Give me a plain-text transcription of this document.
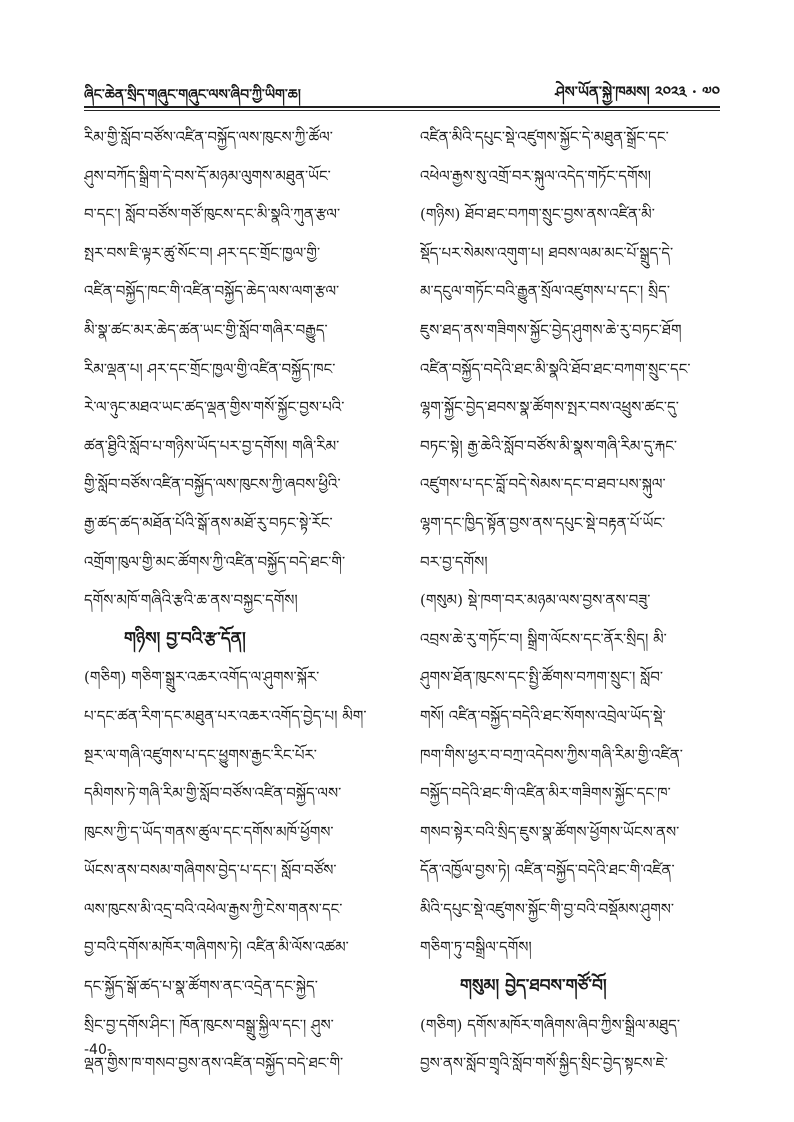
ཞིང་ཆེན་སྲིད་གཞུང་གཞུང་ལས་ཞིབ་ཀྱི་ཡིག་ཆ།	ཤེས་ཡོན་སྐྱེ་ཁམས། ༢༠༢༣ · ༧༠
རིམ་གྱི་སློབ་བཙོས་འཛིན་བསྐྱོད་ལས་ཁུངས་ཀྱི་ཚོལ་
ཤུས་བཀོད་སྒྲིག་དེ་བས་དོ་མཉམ་ལུགས་མཐུན་ཡོང་
བ་དང་། སློབ་བཙོས་གཙོ་ཁུངས་དང་མི་སྣའི་ཀུན་རྩལ་
སྤར་བས་ཇི་ལྟར་ཚུ་སོང་བ། ཤར་དང་གྲོང་ཁྱལ་གྱི་
འཛིན་བསྐྱོད་ཁང་གི་འཛིན་བསྐྱོད་ཆེད་ལས་ལག་རྩལ་
མི་སྣ་ཚང་མར་ཆེད་ཚན་ཡང་གྱི་སློབ་གཞིར་བརྒྱུད་
རིམ་ལྡན་པ། ཤར་དང་གྲོང་ཁྱལ་གྱི་འཛིན་བསྐྱོད་ཁང་
རེ་ལ་ཉུང་མཐའ་ཡང་ཚད་ལྡན་གྱིས་གསོ་སྐྱོང་བྱས་པའི་
ཚན་ཐྱིའི་སློབ་པ་གཉིས་ཡོད་པར་བྱ་དགོས། གཞི་རིམ་
གྱི་སློབ་བཙོས་འཛིན་བསྐྱོད་ལས་ཁུངས་ཀྱི་ཞབས་ཕྱིའི་
རྒྱ་ཚད་ཚད་མཐོན་པོའི་སྒོ་ནས་མཐོ་རུ་བཏང་སྟེ་རོང་
འགྲོག་ཁུལ་གྱི་མང་ཚོགས་ཀྱི་འཛིན་བསྐྱོད་བདེ་ཐང་གི་
དགོས་མཁོ་གཞིའི་རྩའི་ཆ་ནས་བསྐྱང་དགོས།
གཉིས། བྱ་བའི་རྩ་དོན།
(གཅིག) གཅིག་སྒྲུར་འཆར་འགོད་ལ་ཤུགས་སྐོར་
པ་དང་ཚན་རིག་དང་མཐུན་པར་འཆར་འགོད་བྱེད་པ། མིག་
སྔར་ལ་གཞི་འཛུགས་པ་དང་ཕྱུགས་རྒྱང་རིང་པོར་
དམིགས་ཏེ་གཞི་རིམ་གྱི་སློབ་བཙོས་འཛིན་བསྐྱོད་ལས་
ཁུངས་ཀྱི་ད་ཡོད་གནས་ཚུལ་དང་དགོས་མཁོ་ཕྱོགས་
ཡོངས་ནས་བསམ་གཞིགས་བྱེད་པ་དང་། སློབ་བཙོས་
ལས་ཁུངས་མི་འདྲ་བའི་འཕེལ་རྒྱས་ཀྱི་ངེས་གནས་དང་
བྱ་བའི་དགོས་མཁོར་གཞིགས་ཏེ། འཛིན་མི་ལོས་འཚམ་
དང་སྐྱོད་སྒོ་ཚད་པ་སྣ་ཚོགས་ནང་འདྲེན་དང་སྐྱེད་
སྲིང་བྱ་དགོས་ཤིང་། ཁོན་ཁུངས་བསྒྲུ་སྐྱིལ་དང་། ཤུས་
ལྡན་གྱིས་ཁ་གསབ་བྱས་ནས་འཛིན་བསྐྱོད་བདེ་ཐང་གི་
འཛིན་མིའི་དཔུང་སྡེ་འཛུགས་སྐྱོང་དེ་མཐུན་སྒྲོང་དང་
འཕེལ་རྒྱས་སུ་འགྲོ་བར་སྐུལ་འདེད་གཏོང་དགོས།
(གཉིས) ཐོབ་ཐང་བཀག་སྲུང་བྱས་ནས་འཛིན་མི་
སྡོད་པར་སེམས་འགུག་པ། ཐབས་ལམ་མང་པོ་སྒྲུད་དེ་
མ་དངུལ་གཏོང་བའི་རྒྱུན་སྲོལ་འཛུགས་པ་དང་། སྲིད་
ཇུས་ཐད་ནས་གཟིགས་སྐྱོང་བྱེད་ཤུགས་ཆེ་རུ་བཏང་ཐོག
འཛིན་བསྐྱོད་བདེའི་ཐང་མི་སྣའི་ཐོབ་ཐང་བཀག་སྲུང་དང་
ལྷག་སྐྱོང་བྱེད་ཐབས་སྣ་ཚོགས་སྤར་བས་འཕྲུས་ཚང་དུ་
བཏང་སྟེ། རྒྱ་ཆེའི་སློབ་བཙོས་མི་སྣས་གཞི་རིམ་དུ་རྐང་
འཛུགས་པ་དང་བློ་བདེ་སེམས་དང་བ་ཐབ་པས་སྐུལ་
ལྷག་དང་ཁྱིད་སྟོན་བྱས་ནས་དཔུང་སྡེ་བརྟན་པོ་ཡོང་
བར་བྱ་དགོས།
(གསུམ) སྡེ་ཁག་བར་མཉམ་ལས་བྱས་ནས་བཟུ་
འབྲས་ཆེ་རུ་གཏོང་བ། སྒྲིག་ལོངས་དང་ནོར་སྲིད། མི་
ཤུགས་ཐོན་ཁུངས་དང་སྤྱི་ཚོགས་བཀག་སྲུང་། སློབ་
གསོ། འཛིན་བསྐྱོད་བདེའི་ཐང་སོགས་འབྲེལ་ཡོད་སྡེ་
ཁག་གིས་ཕྱར་བ་བཀྲ་འདེབས་ཀྱིས་གཞི་རིམ་གྱི་འཛིན་
བསྐྱོད་བདེའི་ཐང་གི་འཛིན་མིར་གཟིགས་སྐྱོང་དང་ཁ་
གསབ་སྟེར་བའི་སྲིད་ཇུས་སྣ་ཚོགས་ཕྱོགས་ཡོངས་ནས་
དོན་འཁྱོལ་བྱས་ཏེ། འཛིན་བསྐྱོད་བདེའི་ཐང་གི་འཛིན་
མིའི་དཔུང་སྡེ་འཛུགས་སྐྱོང་གི་བྱ་བའི་བསྡོམས་ཤུགས་
གཅིག་ཏུ་བསྒྲིལ་དགོས།
གསུམ། བྱེད་ཐབས་གཙོ་བོ།
(གཅིག) དགོས་མཁོར་གཞིགས་ཞིབ་ཀྱིས་སྒྲིལ་མཐུད་
བྱས་ནས་སློབ་གྲྭའི་སློབ་གསོ་སྐྱིད་སྲིང་བྱེད་སྟངས་ཇེ་
-40-
